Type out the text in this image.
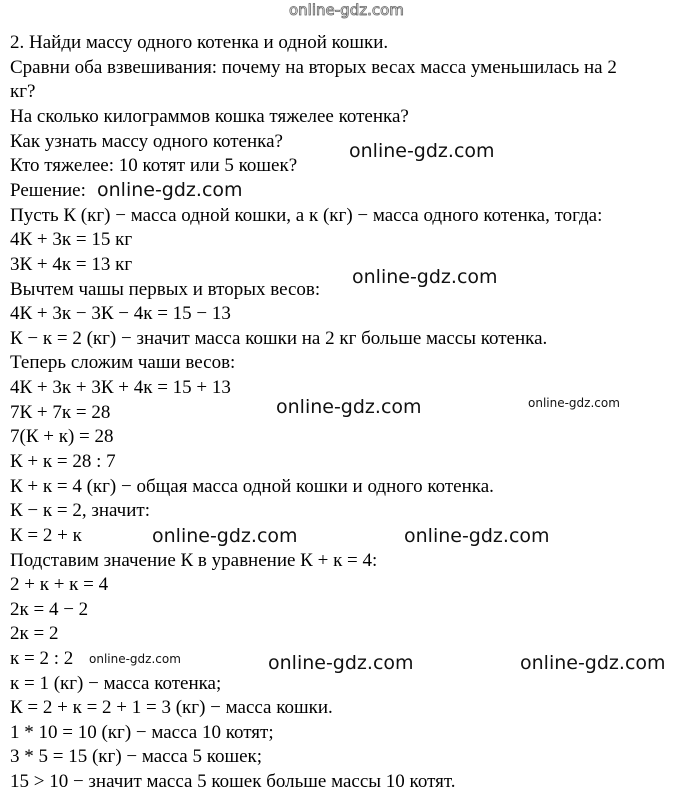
online-gdz.com
2. Найди массу одного котенка и одной кошки.
Сравни оба взвешивания: почему на вторых весах масса уменьшилась на 2
кг?
На сколько килограммов кошка тяжелее котенка?
Как узнать массу одного котенка?
Кто тяжелее: 10 котят или 5 кошек?
Решение:
Пусть К (кг) − масса одной кошки, а к (кг) − масса одного котенка, тогда:
4К + 3к = 15 кг
3К + 4к = 13 кг
Вычтем чашы первых и вторых весов:
4К + 3к − 3К − 4к = 15 − 13
К − к = 2 (кг) − значит масса кошки на 2 кг больше массы котенка.
Теперь сложим чаши весов:
4К + 3к + 3К + 4к = 15 + 13
7К + 7к = 28
7(К + к) = 28
К + к = 28 : 7
К + к = 4 (кг) − общая масса одной кошки и одного котенка.
К − к = 2, значит:
К = 2 + к
Подставим значение К в уравнение К + к = 4:
2 + к + к = 4
2к = 4 − 2
2к = 2
к = 2 : 2
к = 1 (кг) − масса котенка;
К = 2 + к = 2 + 1 = 3 (кг) − масса кошки.
1 * 10 = 10 (кг) − масса 10 котят;
3 * 5 = 15 (кг) − масса 5 кошек;
15 > 10 − значит масса 5 кошек больше массы 10 котят.
online-gdz.com
online-gdz.com
online-gdz.com
online-gdz.com	online-gdz.com
online-gdz.com	online-gdz.com
online-gdz.com	online-gdz.com	online-gdz.com
